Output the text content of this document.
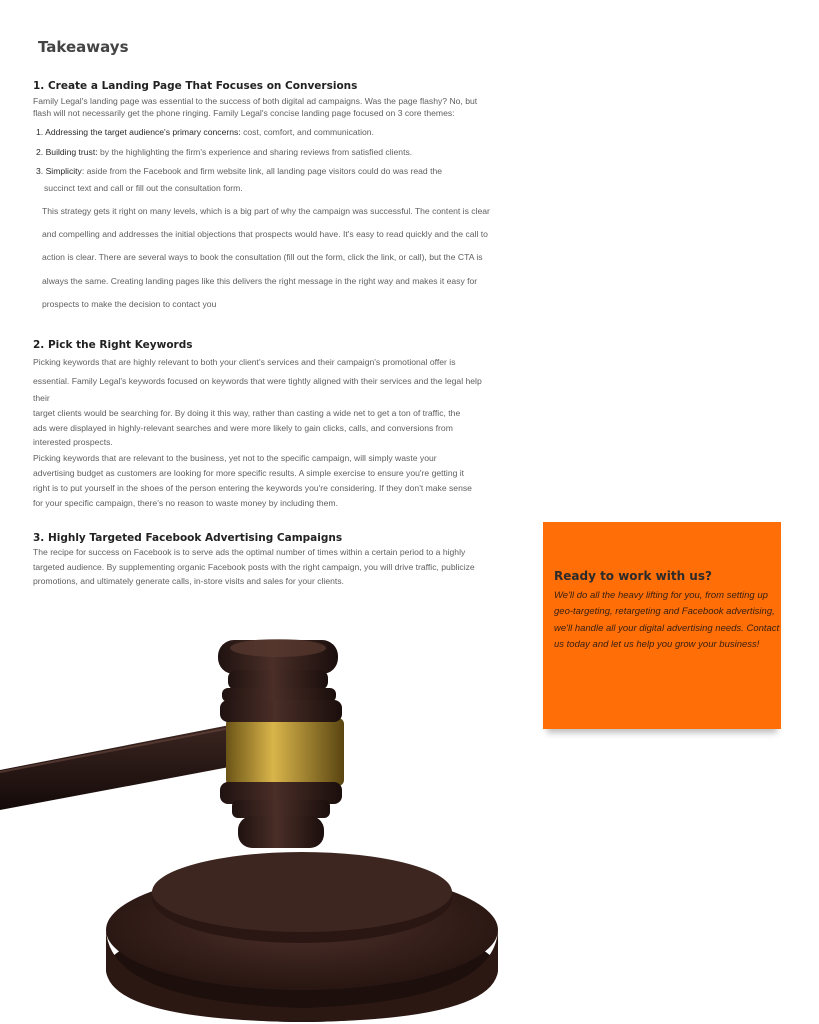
Takeaways
1. Create a Landing Page That Focuses on Conversions

Family Legal's landing page was essential to the success of both digital ad campaigns. Was the page flashy? No, but

flash will not necessarily get the phone ringing. Family Legal's concise landing page focused on 3 core themes:

1. Addressing the target audience's primary concerns: cost, comfort, and communication.

2. Building trust: by the highlighting the firm's experience and sharing reviews from satisfied clients.

3. Simplicity: aside from the Facebook and firm website link, all landing page visitors could do was read the

succinct text and call or fill out the consultation form.

This strategy gets it right on many levels, which is a big part of why the campaign was successful. The content is clear

and compelling and addresses the initial objections that prospects would have. It's easy to read quickly and the call to

action is clear. There are several ways to book the consultation (fill out the form, click the link, or call), but the CTA is

always the same. Creating landing pages like this delivers the right message in the right way and makes it easy for

prospects to make the decision to contact you

2. Pick the Right Keywords

Picking keywords that are highly relevant to both your client's services and their campaign's promotional offer is

essential. Family Legal's keywords focused on keywords that were tightly aligned with their services and the legal help

their

target clients would be searching for. By doing it this way, rather than casting a wide net to get a ton of traffic, the

ads were displayed in highly-relevant searches and were more likely to gain clicks, calls, and conversions from

interested prospects.

Picking keywords that are relevant to the business, yet not to the specific campaign, will simply waste your

advertising budget as customers are looking for more specific results. A simple exercise to ensure you're getting it

right is to put yourself in the shoes of the person entering the keywords you're considering. If they don't make sense

for your specific campaign, there's no reason to waste money by including them.

3. Highly Targeted Facebook Advertising Campaigns

The recipe for success on Facebook is to serve ads the optimal number of times within a certain period to a highly

targeted audience. By supplementing organic Facebook posts with the right campaign, you will drive traffic, publicize

promotions, and ultimately generate calls, in-store visits and sales for your clients.	Ready to work with us?

We'll do all the heavy lifting for you, from setting up geo-targeting, retargeting and Facebook advertising, we'll handle all your digital advertising needs. Contact us today and let us help you grow your business!
